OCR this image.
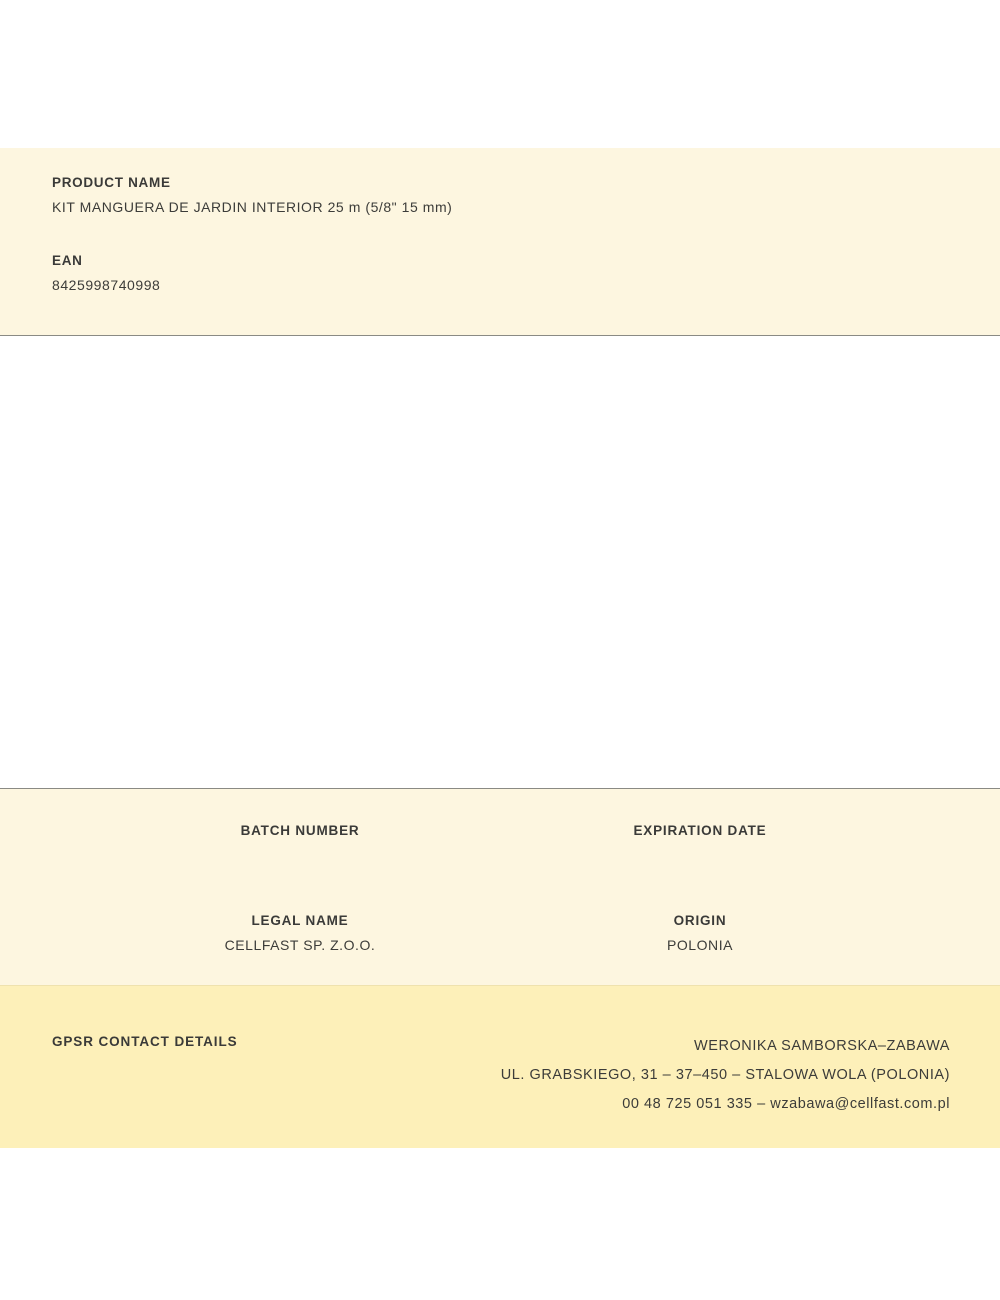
PRODUCT NAME
KIT MANGUERA DE JARDIN INTERIOR 25 m (5/8" 15 mm)
EAN
8425998740998
BATCH NUMBER	EXPIRATION DATE
LEGAL NAME
CELLFAST SP. Z.O.O.
ORIGIN
POLONIA
GPSR CONTACT DETAILS	WERONIKA SAMBORSKA–ZABAWA
UL. GRABSKIEGO, 31 – 37–450 – STALOWA WOLA (POLONIA)
00 48 725 051 335 – wzabawa@cellfast.com.pl
